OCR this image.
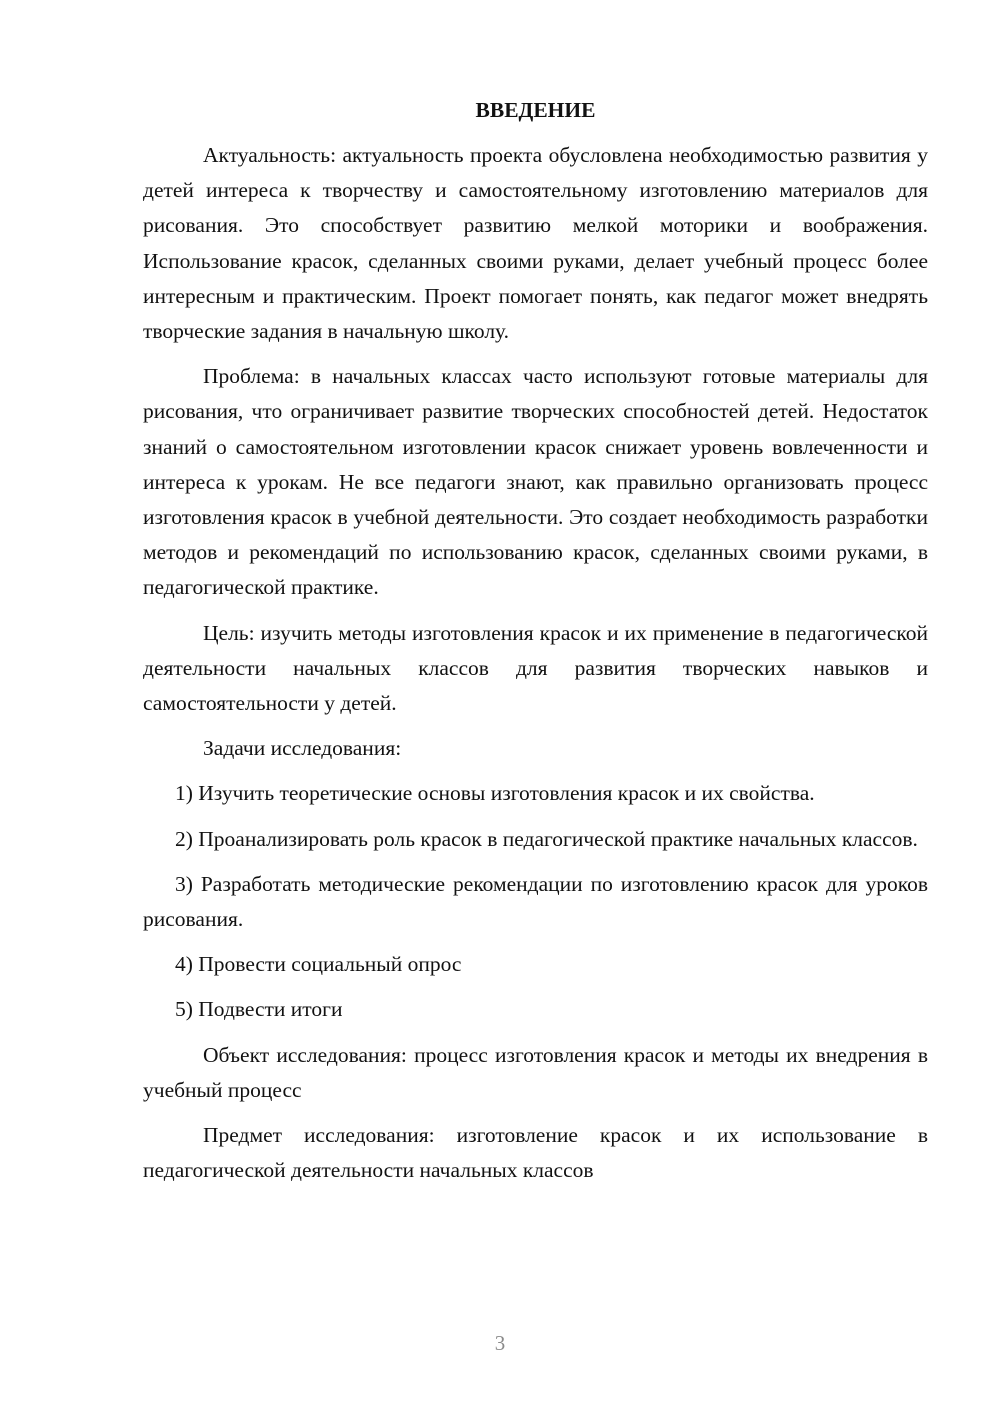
ВВЕДЕНИЕ

Актуальность: актуальность проекта обусловлена необходимостью развития у детей интереса к творчеству и самостоятельному изготовлению материалов для рисования. Это способствует развитию мелкой моторики и воображения. Использование красок, сделанных своими руками, делает учебный процесс более интересным и практическим. Проект помогает понять, как педагог может внедрять творческие задания в начальную школу.

Проблема: в начальных классах часто используют готовые материалы для рисования, что ограничивает развитие творческих способностей детей. Недостаток знаний о самостоятельном изготовлении красок снижает уровень вовлеченности и интереса к урокам. Не все педагоги знают, как правильно организовать процесс изготовления красок в учебной деятельности. Это создает необходимость разработки методов и рекомендаций по использованию красок, сделанных своими руками, в педагогической практике.

Цель: изучить методы изготовления красок и их применение в педагогической деятельности начальных классов для развития творческих навыков и самостоятельности у детей.

Задачи исследования:

1) Изучить теоретические основы изготовления красок и их свойства.

2) Проанализировать роль красок в педагогической практике начальных классов.

3) Разработать методические рекомендации по изготовлению красок для уроков рисования.

4) Провести социальный опрос

5) Подвести итоги

Объект исследования: процесс изготовления красок и методы их внедрения в учебный процесс

Предмет исследования: изготовление красок и их использование в педагогической деятельности начальных классов

3
